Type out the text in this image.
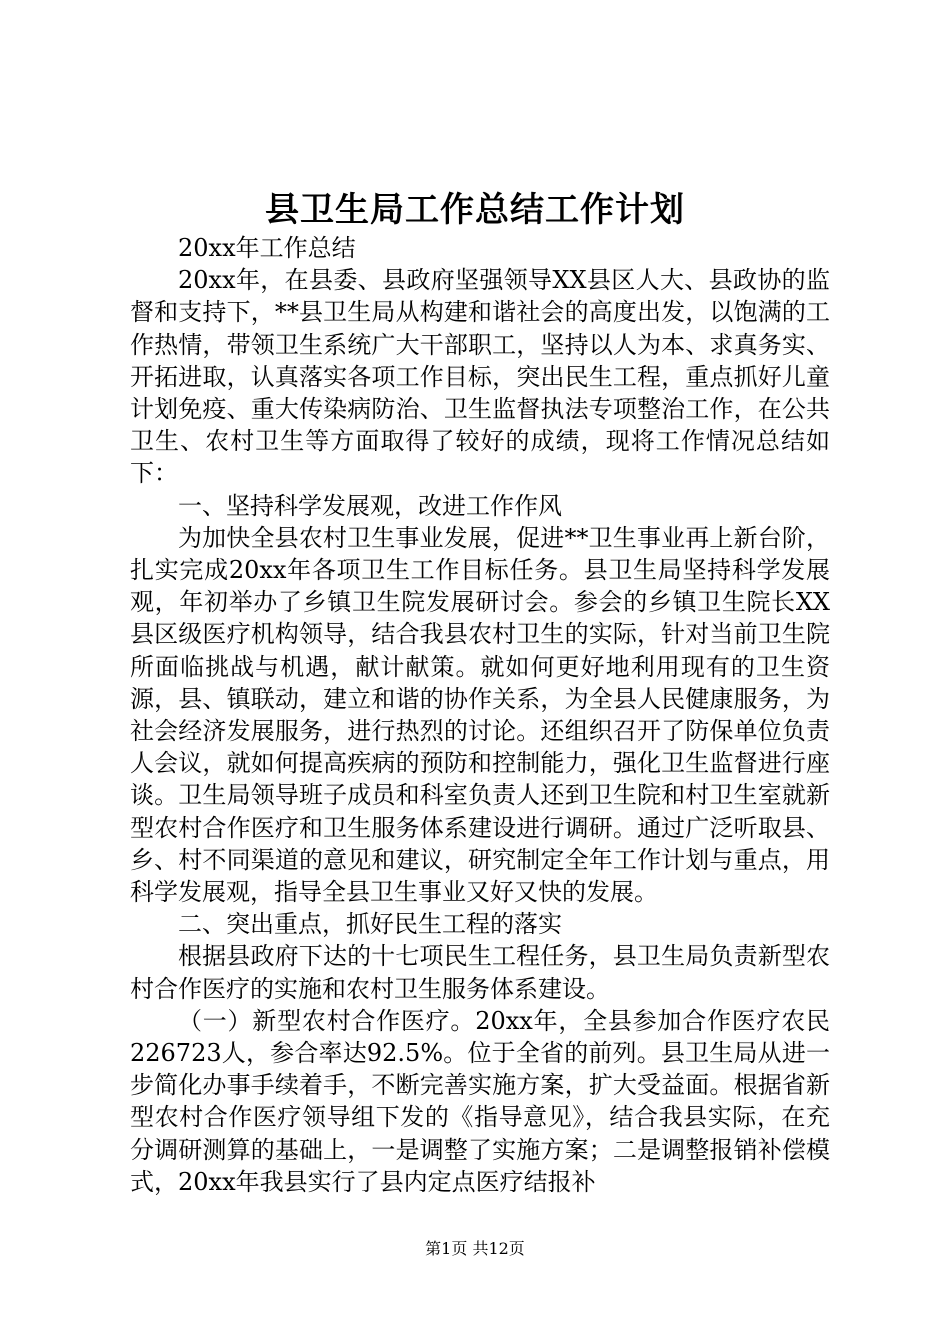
县卫生局工作总结工作计划

20xx年工作总结

20xx年，在县委、县政府坚强领导XX县区人大、县政协的监督和支持下，**县卫生局从构建和谐社会的高度出发，以饱满的工作热情，带领卫生系统广大干部职工，坚持以人为本、求真务实、开拓进取，认真落实各项工作目标，突出民生工程，重点抓好儿童计划免疫、重大传染病防治、卫生监督执法专项整治工作，在公共卫生、农村卫生等方面取得了较好的成绩，现将工作情况总结如下：

一、坚持科学发展观，改进工作作风

为加快全县农村卫生事业发展，促进**卫生事业再上新台阶，扎实完成20xx年各项卫生工作目标任务。县卫生局坚持科学发展观，年初举办了乡镇卫生院发展研讨会。参会的乡镇卫生院长XX县区级医疗机构领导，结合我县农村卫生的实际，针对当前卫生院所面临挑战与机遇，献计献策。就如何更好地利用现有的卫生资源，县、镇联动，建立和谐的协作关系，为全县人民健康服务，为社会经济发展服务，进行热烈的讨论。还组织召开了防保单位负责人会议，就如何提高疾病的预防和控制能力，强化卫生监督进行座谈。卫生局领导班子成员和科室负责人还到卫生院和村卫生室就新型农村合作医疗和卫生服务体系建设进行调研。通过广泛听取县、乡、村不同渠道的意见和建议，研究制定全年工作计划与重点，用科学发展观，指导全县卫生事业又好又快的发展。

二、突出重点，抓好民生工程的落实

根据县政府下达的十七项民生工程任务，县卫生局负责新型农村合作医疗的实施和农村卫生服务体系建设。

（一）新型农村合作医疗。20xx年，全县参加合作医疗农民226723人，参合率达92.5%。位于全省的前列。县卫生局从进一步简化办事手续着手，不断完善实施方案，扩大受益面。根据省新型农村合作医疗领导组下发的《指导意见》，结合我县实际，在充分调研测算的基础上，一是调整了实施方案；二是调整报销补偿模式，20xx年我县实行了县内定点医疗结报补

第1页 共12页
